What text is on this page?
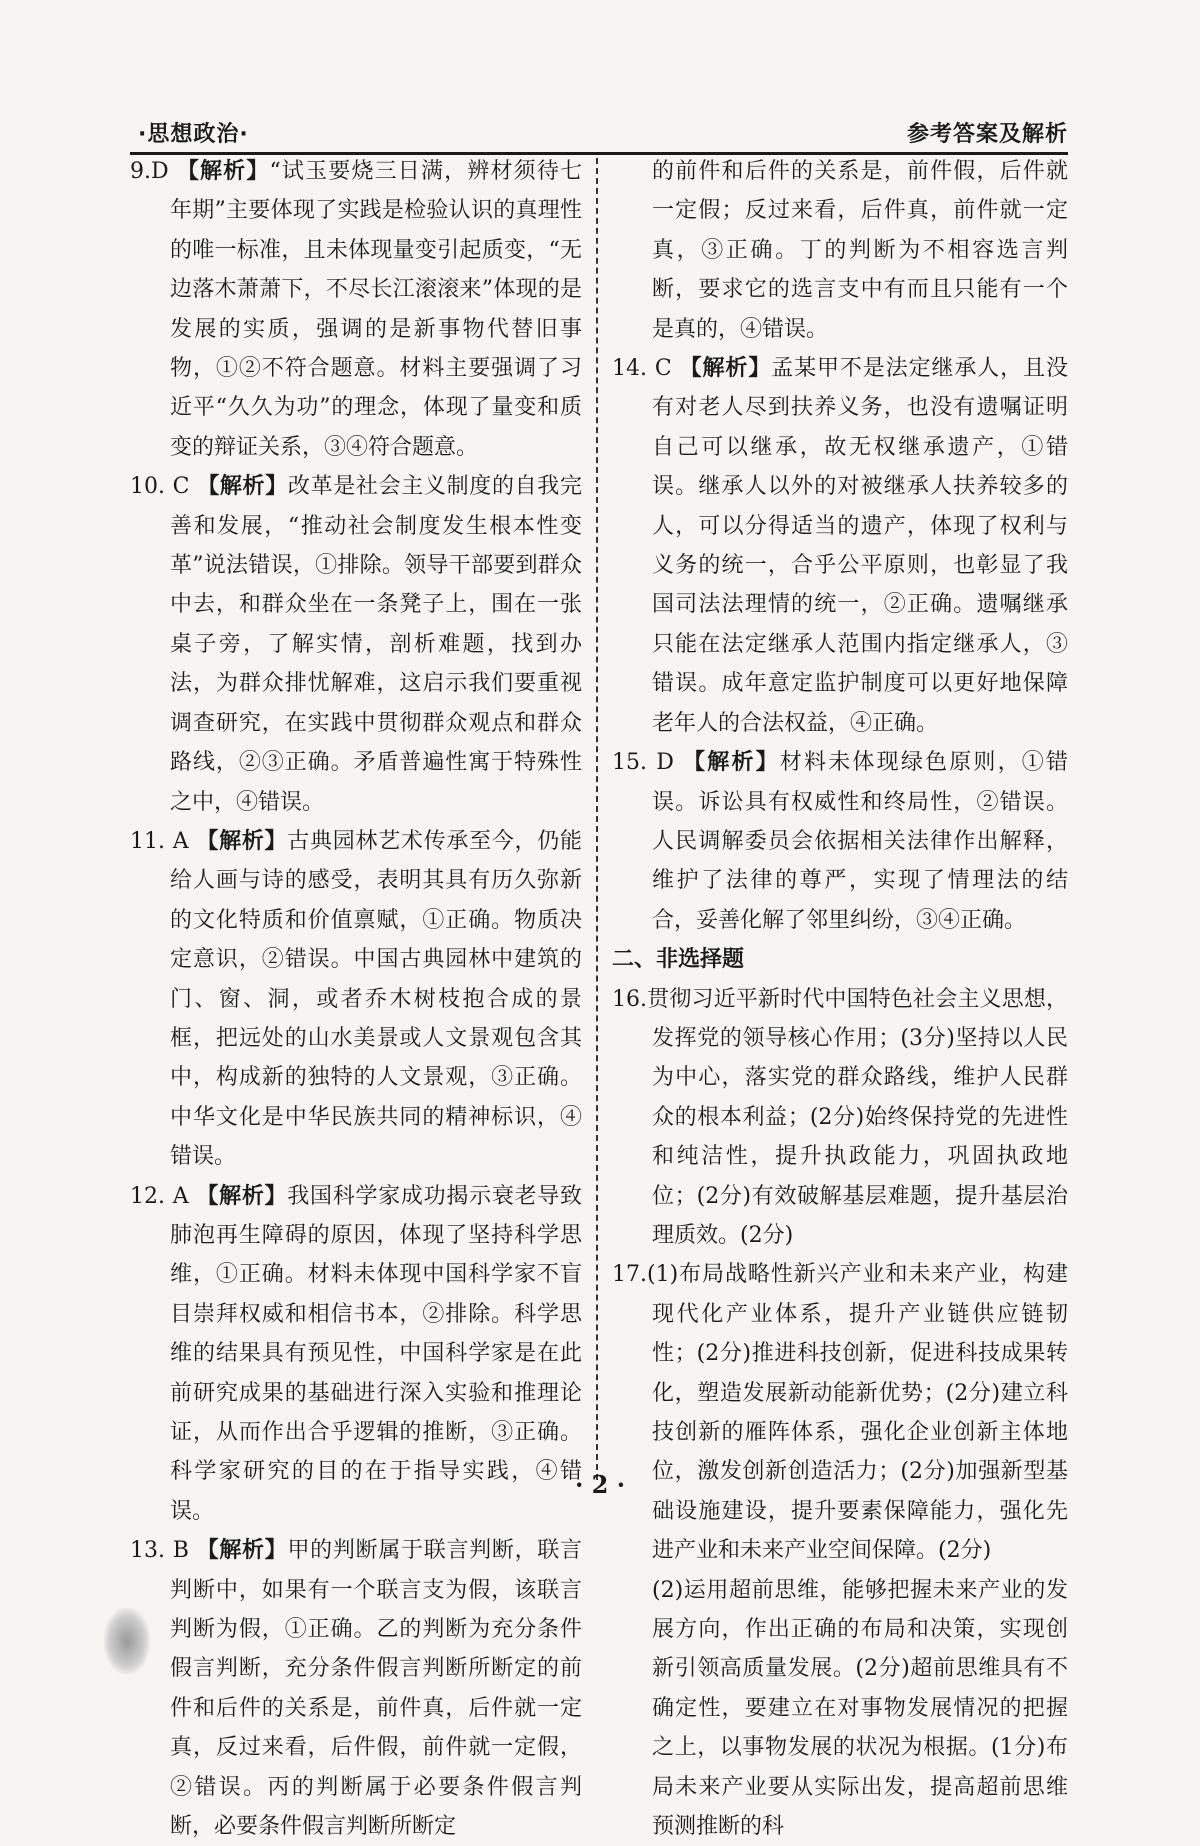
·思想政治·	参考答案及解析

9.D 【解析】“试玉要烧三日满，辨材须待七年期”主要体现了实践是检验认识的真理性的唯一标准，且未体现量变引起质变，“无边落木萧萧下，不尽长江滚滚来”体现的是发展的实质，强调的是新事物代替旧事物，①②不符合题意。材料主要强调了习近平“久久为功”的理念，体现了量变和质变的辩证关系，③④符合题意。

10. C 【解析】改革是社会主义制度的自我完善和发展，“推动社会制度发生根本性变革”说法错误，①排除。领导干部要到群众中去，和群众坐在一条凳子上，围在一张桌子旁，了解实情，剖析难题，找到办法，为群众排忧解难，这启示我们要重视调查研究，在实践中贯彻群众观点和群众路线，②③正确。矛盾普遍性寓于特殊性之中，④错误。

11. A 【解析】古典园林艺术传承至今，仍能给人画与诗的感受，表明其具有历久弥新的文化特质和价值禀赋，①正确。物质决定意识，②错误。中国古典园林中建筑的门、窗、洞，或者乔木树枝抱合成的景框，把远处的山水美景或人文景观包含其中，构成新的独特的人文景观，③正确。中华文化是中华民族共同的精神标识，④错误。

12. A 【解析】我国科学家成功揭示衰老导致肺泡再生障碍的原因，体现了坚持科学思维，①正确。材料未体现中国科学家不盲目崇拜权威和相信书本，②排除。科学思维的结果具有预见性，中国科学家是在此前研究成果的基础进行深入实验和推理论证，从而作出合乎逻辑的推断，③正确。科学家研究的目的在于指导实践，④错误。

13. B 【解析】甲的判断属于联言判断，联言判断中，如果有一个联言支为假，该联言判断为假，①正确。乙的判断为充分条件假言判断，充分条件假言判断所断定的前件和后件的关系是，前件真，后件就一定真，反过来看，后件假，前件就一定假，②错误。丙的判断属于必要条件假言判断，必要条件假言判断所断定

的前件和后件的关系是，前件假，后件就一定假；反过来看，后件真，前件就一定真，③正确。丁的判断为不相容选言判断，要求它的选言支中有而且只能有一个是真的，④错误。

14. C 【解析】孟某甲不是法定继承人，且没有对老人尽到扶养义务，也没有遗嘱证明自己可以继承，故无权继承遗产，①错误。继承人以外的对被继承人扶养较多的人，可以分得适当的遗产，体现了权利与义务的统一，合乎公平原则，也彰显了我国司法法理情的统一，②正确。遗嘱继承只能在法定继承人范围内指定继承人，③错误。成年意定监护制度可以更好地保障老年人的合法权益，④正确。

15. D 【解析】材料未体现绿色原则，①错误。诉讼具有权威性和终局性，②错误。人民调解委员会依据相关法律作出解释，维护了法律的尊严，实现了情理法的结合，妥善化解了邻里纠纷，③④正确。

二、非选择题

16.贯彻习近平新时代中国特色社会主义思想，发挥党的领导核心作用；(3分)坚持以人民为中心，落实党的群众路线，维护人民群众的根本利益；(2分)始终保持党的先进性和纯洁性，提升执政能力，巩固执政地位；(2分)有效破解基层难题，提升基层治理质效。(2分)

17.(1)布局战略性新兴产业和未来产业，构建现代化产业体系，提升产业链供应链韧性；(2分)推进科技创新，促进科技成果转化，塑造发展新动能新优势；(2分)建立科技创新的雁阵体系，强化企业创新主体地位，激发创新创造活力；(2分)加强新型基础设施建设，提升要素保障能力，强化先进产业和未来产业空间保障。(2分)

(2)运用超前思维，能够把握未来产业的发展方向，作出正确的布局和决策，实现创新引领高质量发展。(2分)超前思维具有不确定性，要建立在对事物发展情况的把握之上，以事物发展的状况为根据。(1分)布局未来产业要从实际出发，提高超前思维预测推断的科

· 2 ·
